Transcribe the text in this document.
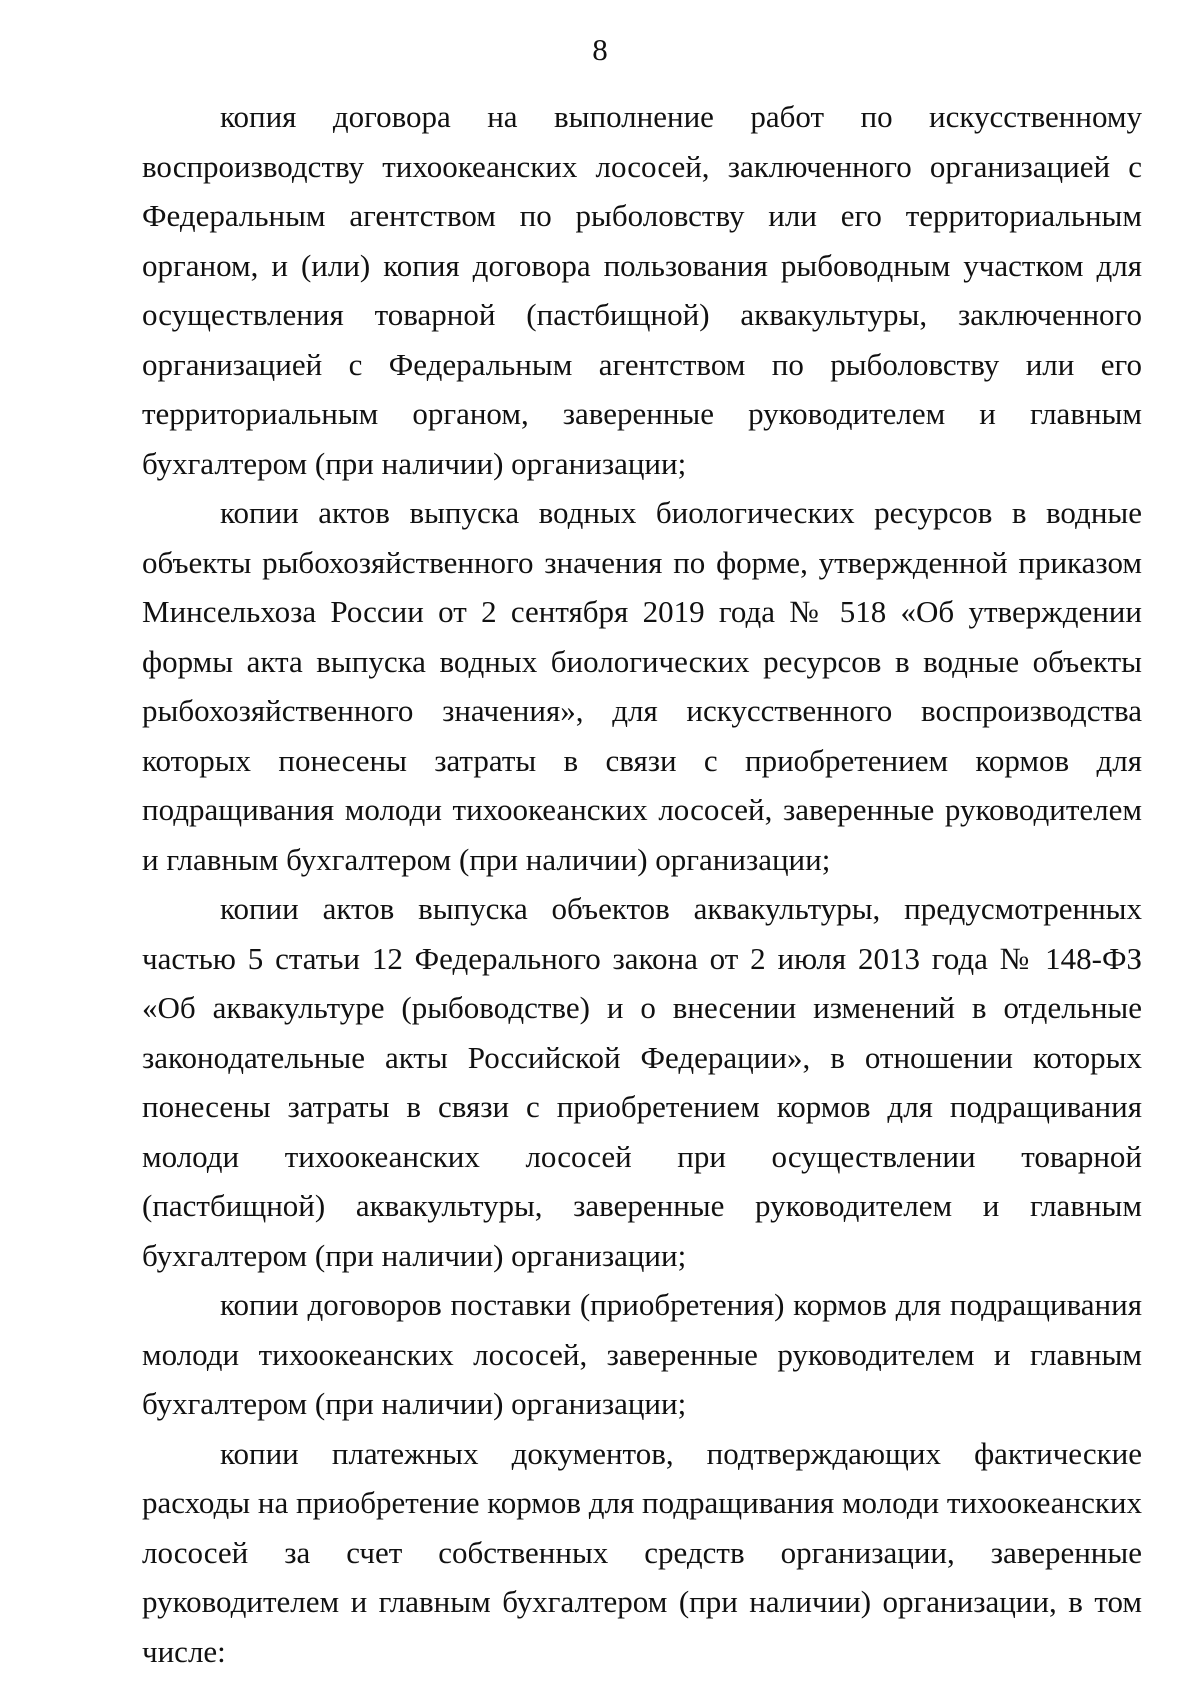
8

копия договора на выполнение работ по искусственному воспроизводству тихоокеанских лососей, заключенного организацией с Федеральным агентством по рыболовству или его территориальным органом, и (или) копия договора пользования рыбоводным участком для осуществления товарной (пастбищной) аквакультуры, заключенного организацией с Федеральным агентством по рыболовству или его территориальным органом, заверенные руководителем и главным бухгалтером (при наличии) организации;

копии актов выпуска водных биологических ресурсов в водные объекты рыбохозяйственного значения по форме, утвержденной приказом Минсельхоза России от 2 сентября 2019 года № 518 «Об утверждении формы акта выпуска водных биологических ресурсов в водные объекты рыбохозяйственного значения», для искусственного воспроизводства которых понесены затраты в связи с приобретением кормов для подращивания молоди тихоокеанских лососей, заверенные руководителем и главным бухгалтером (при наличии) организации;

копии актов выпуска объектов аквакультуры, предусмотренных частью 5 статьи 12 Федерального закона от 2 июля 2013 года № 148-ФЗ «Об аквакультуре (рыбоводстве) и о внесении изменений в отдельные законодательные акты Российской Федерации», в отношении которых понесены затраты в связи с приобретением кормов для подращивания молоди тихоокеанских лососей при осуществлении товарной (пастбищной) аквакультуры, заверенные руководителем и главным бухгалтером (при наличии) организации;

копии договоров поставки (приобретения) кормов для подращивания молоди тихоокеанских лососей, заверенные руководителем и главным бухгалтером (при наличии) организации;

копии платежных документов, подтверждающих фактические расходы на приобретение кормов для подращивания молоди тихоокеанских лососей за счет собственных средств организации, заверенные руководителем и главным бухгалтером (при наличии) организации, в том числе:
